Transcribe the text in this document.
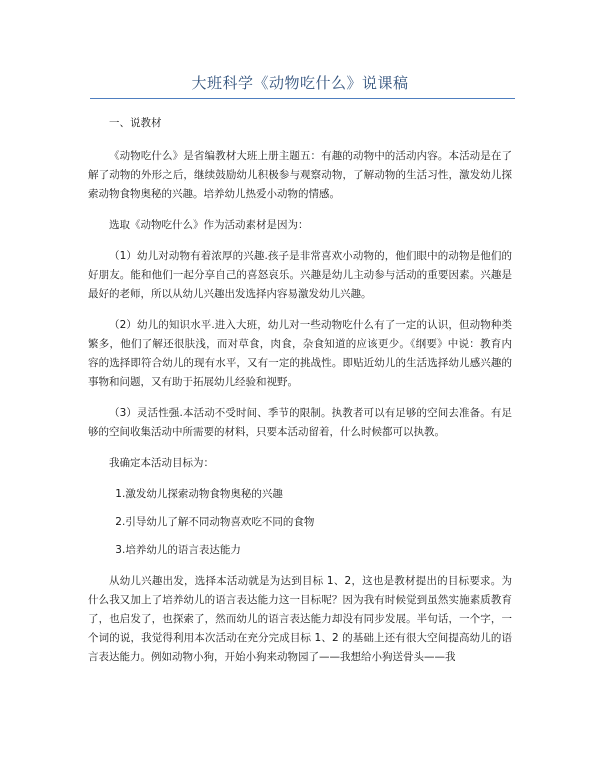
大班科学《动物吃什么》说课稿

一、说教材

《动物吃什么》是省编教材大班上册主题五：有趣的动物中的活动内容。本活动是在了解了动物的外形之后，继续鼓励幼儿积极参与观察动物，了解动物的生活习性，激发幼儿探索动物食物奥秘的兴趣。培养幼儿热爱小动物的情感。

选取《动物吃什么》作为活动素材是因为：

（1）幼儿对动物有着浓厚的兴趣.孩子是非常喜欢小动物的，他们眼中的动物是他们的好朋友。能和他们一起分享自己的喜怒哀乐。兴趣是幼儿主动参与活动的重要因素。兴趣是最好的老师，所以从幼儿兴趣出发选择内容易激发幼儿兴趣。

（2）幼儿的知识水平.进入大班，幼儿对一些动物吃什么有了一定的认识，但动物种类繁多，他们了解还很肤浅，而对草食，肉食，杂食知道的应该更少。《纲要》中说：教育内容的选择即符合幼儿的现有水平，又有一定的挑战性。即贴近幼儿的生活选择幼儿感兴趣的事物和问题，又有助于拓展幼儿经验和视野。

（3）灵活性强.本活动不受时间、季节的限制。执教者可以有足够的空间去准备。有足够的空间收集活动中所需要的材料，只要本活动留着，什么时候都可以执教。

我确定本活动目标为：

1.激发幼儿探索动物食物奥秘的兴趣

2.引导幼儿了解不同动物喜欢吃不同的食物

3.培养幼儿的语言表达能力

从幼儿兴趣出发，选择本活动就是为达到目标 1、2，这也是教材提出的目标要求。为什么我又加上了培养幼儿的语言表达能力这一目标呢？因为我有时候觉到虽然实施素质教育了，也启发了，也探索了，然而幼儿的语言表达能力却没有同步发展。半句话，一个字，一个词的说，我觉得利用本次活动在充分完成目标 1、2 的基础上还有很大空间提高幼儿的语言表达能力。例如动物小狗，开始小狗来动物园了——我想给小狗送骨头——我
